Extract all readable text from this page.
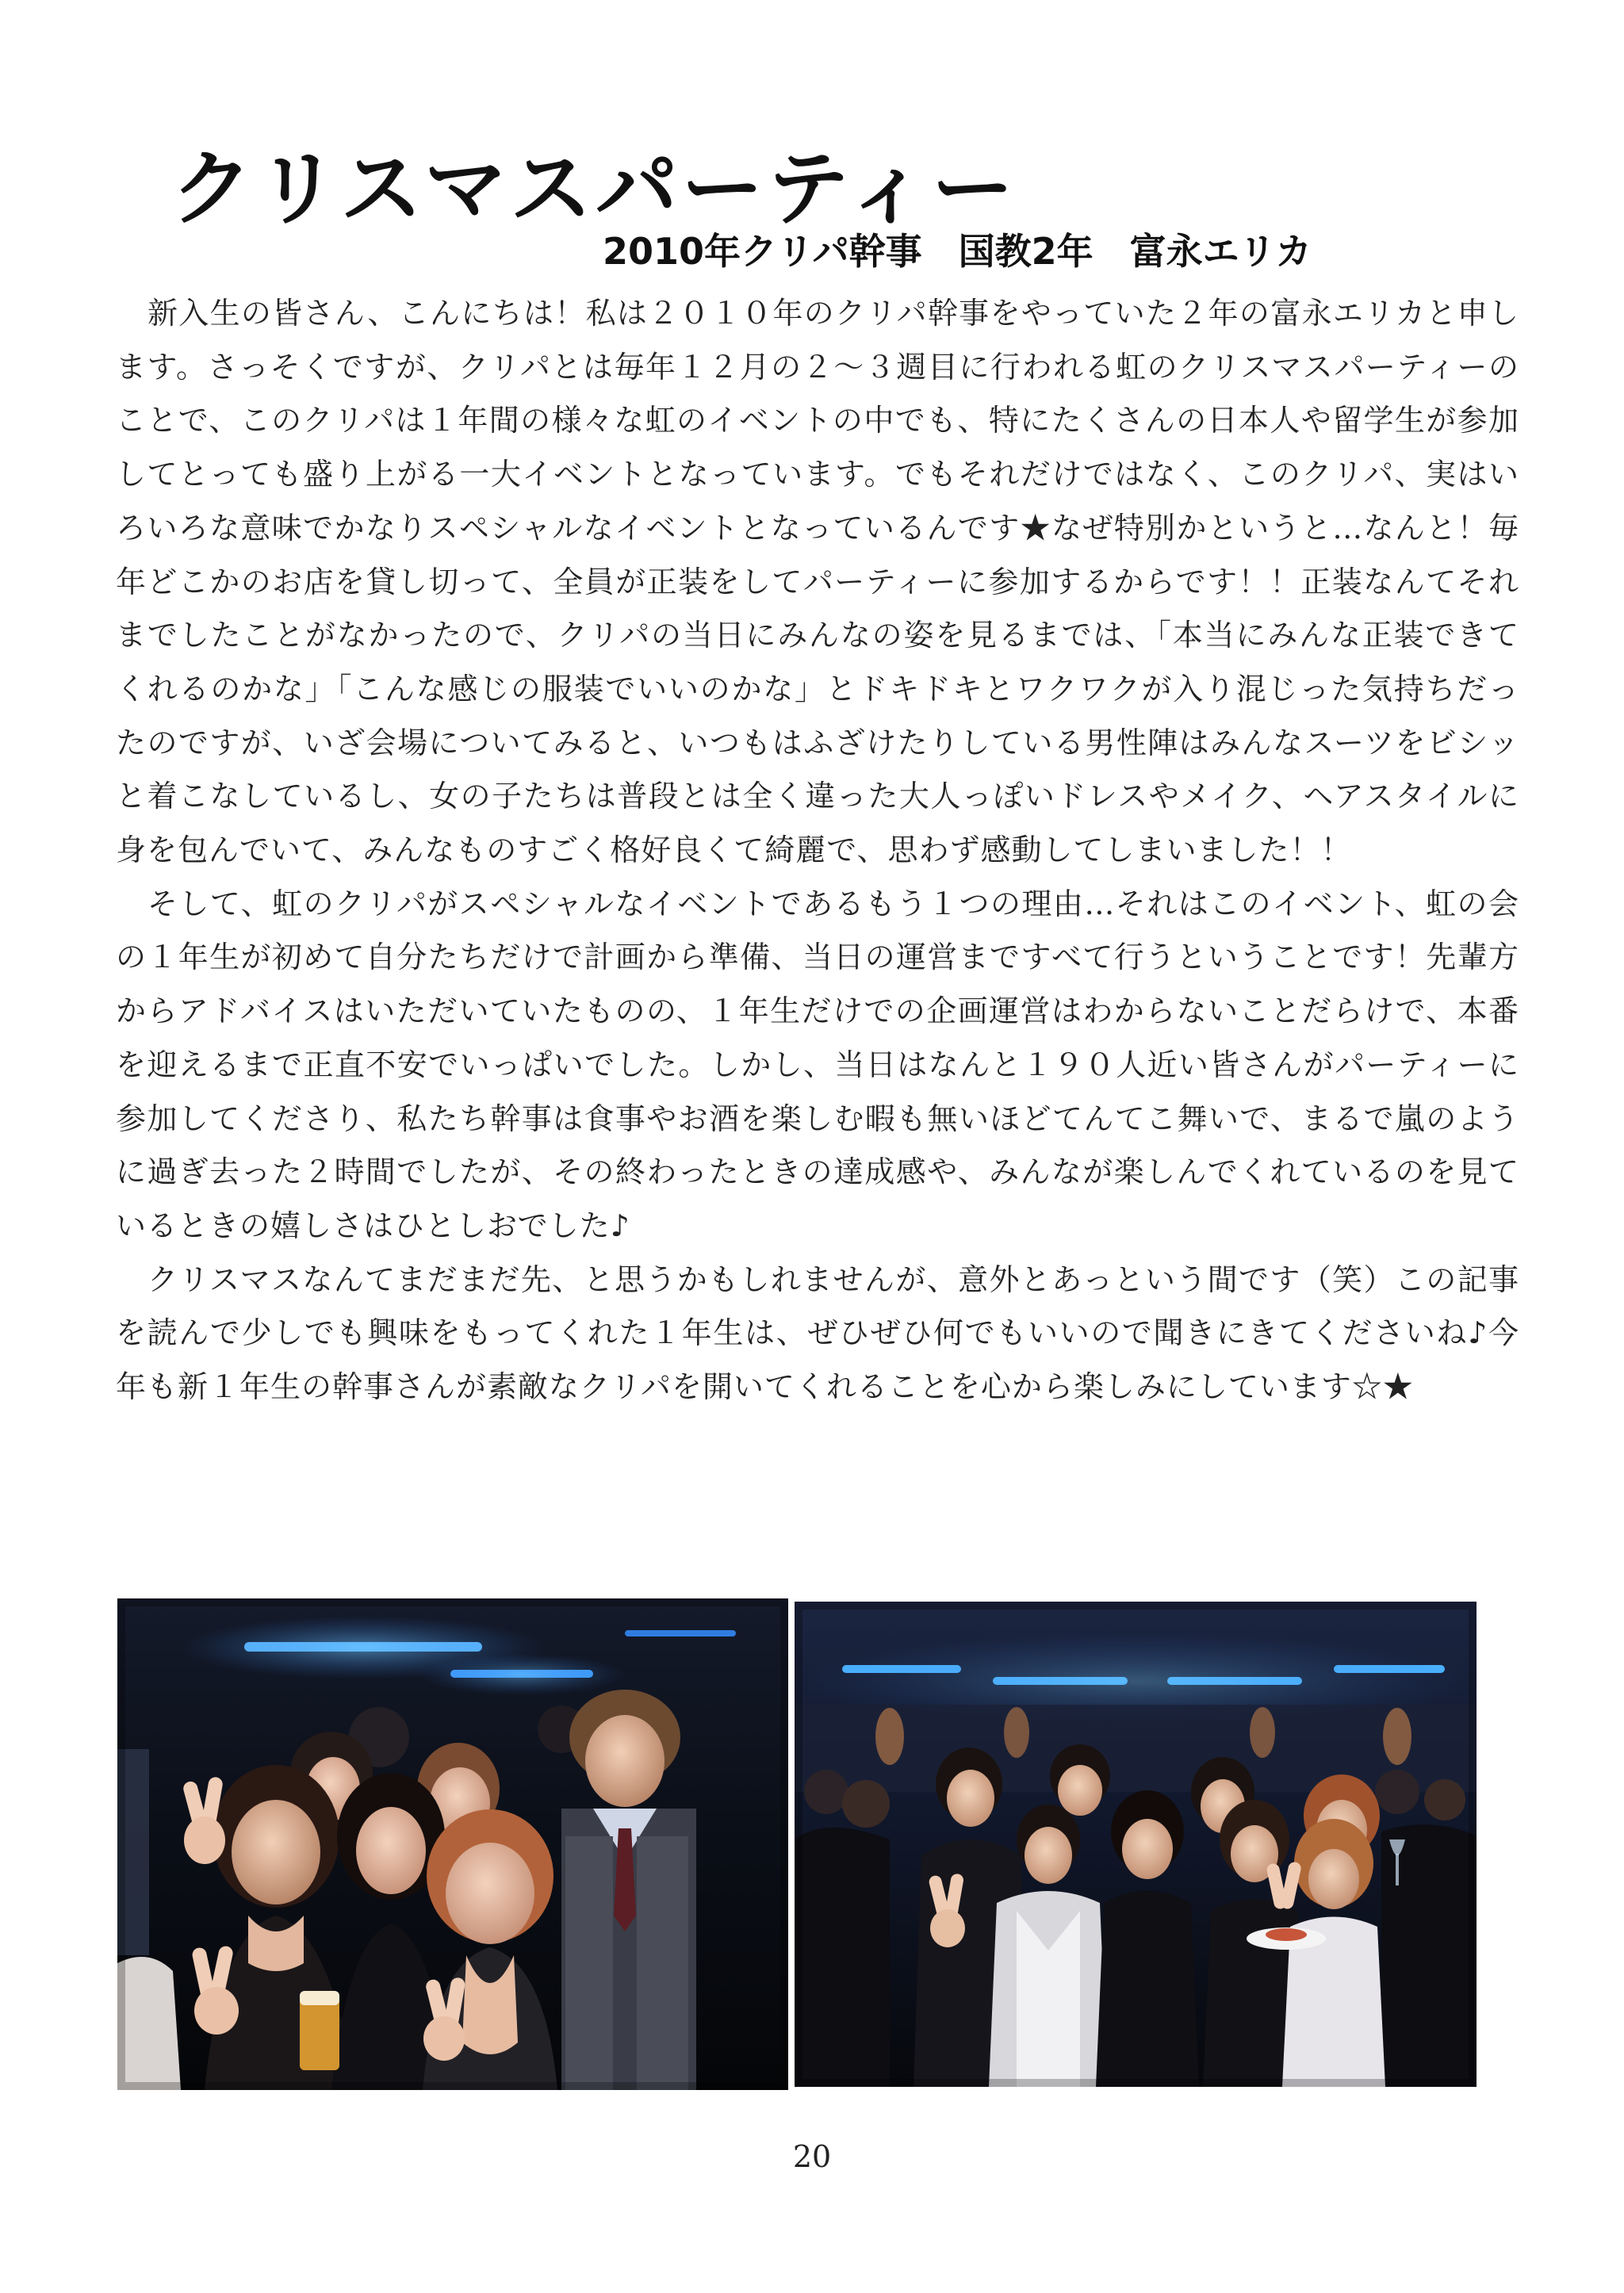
クリスマスパーティー
2010年クリパ幹事　国教2年　富永エリカ

新入生の皆さん、こんにちは！私は２０１０年のクリパ幹事をやっていた２年の富永エリカと申します。さっそくですが、クリパとは毎年１２月の２～３週目に行われる虹のクリスマスパーティーのことで、このクリパは１年間の様々な虹のイベントの中でも、特にたくさんの日本人や留学生が参加してとっても盛り上がる一大イベントとなっています。でもそれだけではなく、このクリパ、実はいろいろな意味でかなりスペシャルなイベントとなっているんです★なぜ特別かというと…なんと！毎年どこかのお店を貸し切って、全員が正装をしてパーティーに参加するからです！！正装なんてそれまでしたことがなかったので、クリパの当日にみんなの姿を見るまでは、「本当にみんな正装できてくれるのかな」「こんな感じの服装でいいのかな」とドキドキとワクワクが入り混じった気持ちだったのですが、いざ会場についてみると、いつもはふざけたりしている男性陣はみんなスーツをビシッと着こなしているし、女の子たちは普段とは全く違った大人っぽいドレスやメイク、ヘアスタイルに身を包んでいて、みんなものすごく格好良くて綺麗で、思わず感動してしまいました！！

そして、虹のクリパがスペシャルなイベントであるもう１つの理由…それはこのイベント、虹の会の１年生が初めて自分たちだけで計画から準備、当日の運営まですべて行うということです！先輩方からアドバイスはいただいていたものの、１年生だけでの企画運営はわからないことだらけで、本番を迎えるまで正直不安でいっぱいでした。しかし、当日はなんと１９０人近い皆さんがパーティーに参加してくださり、私たち幹事は食事やお酒を楽しむ暇も無いほどてんてこ舞いで、まるで嵐のように過ぎ去った２時間でしたが、その終わったときの達成感や、みんなが楽しんでくれているのを見ているときの嬉しさはひとしおでした♪

クリスマスなんてまだまだ先、と思うかもしれませんが、意外とあっという間です（笑）この記事を読んで少しでも興味をもってくれた１年生は、ぜひぜひ何でもいいので聞きにきてくださいね♪今年も新１年生の幹事さんが素敵なクリパを開いてくれることを心から楽しみにしています☆★

20
